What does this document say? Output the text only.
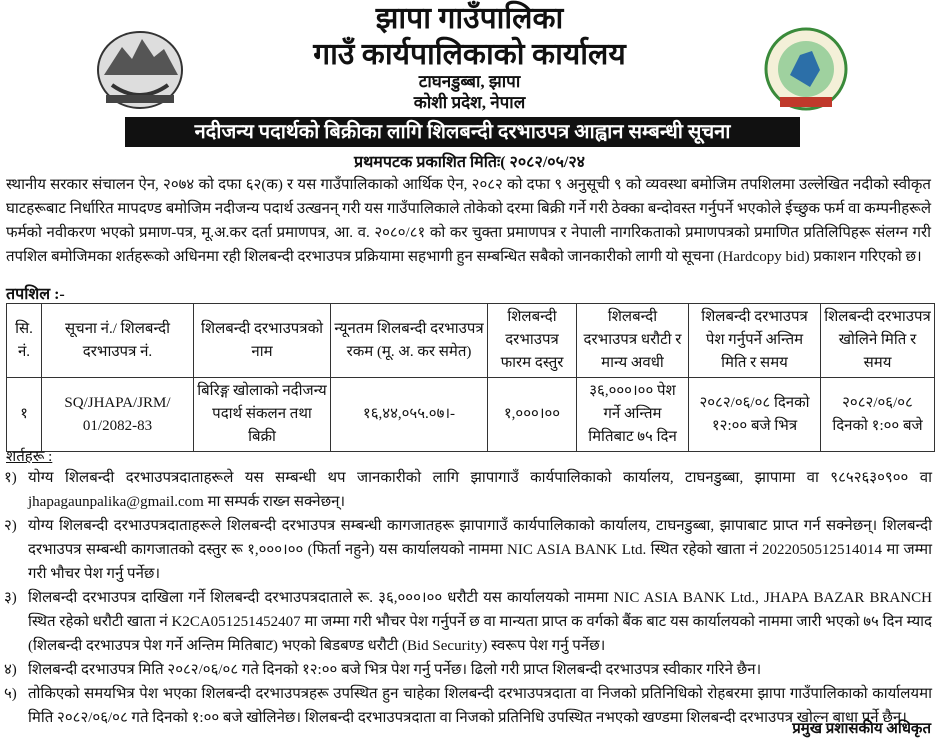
झापा गाउँपालिका
गाउँ कार्यपालिकाको कार्यालय
टाघनडुब्बा, झापा
कोशी प्रदेश, नेपाल
नदीजन्य पदार्थको बिक्रीका लागि शिलबन्दी दरभाउपत्र आह्वान सम्बन्धी सूचना
प्रथमपटक प्रकाशित मितिः( २०८२/०५/२४
स्थानीय सरकार संचालन ऐन, २०७४ को दफा ६२(क) र यस गाउँपालिकाको आर्थिक ऐन, २०८२ को दफा ९ अनुसूची ९ को व्यवस्था बमोजिम तपशिलमा उल्लेखित नदीको स्वीकृत घाटहरूबाट निर्धारित मापदण्ड बमोजिम नदीजन्य पदार्थ उत्खनन् गरी यस गाउँपालिकाले तोकेको दरमा बिक्री गर्ने गरी ठेक्का बन्दोवस्त गर्नुपर्ने भएकोले ईच्छुक फर्म वा कम्पनीहरूले फर्मको नवीकरण भएको प्रमाण-पत्र, मू.अ.कर दर्ता प्रमाणपत्र, आ. व. २०८०/८१ को कर चुक्ता प्रमाणपत्र र नेपाली नागरिकताको प्रमाणपत्रको प्रमाणित प्रतिलिपिहरू संलग्न गरी तपशिल बमोजिमका शर्तहरूको अधिनमा रही शिलबन्दी दरभाउपत्र प्रक्रियामा सहभागी हुन सम्बन्धित सबैको जानकारीको लागी यो सूचना (Hardcopy bid) प्रकाशन गरिएको छ।
तपशिल :-
सि. नं.	सूचना नं./ शिलबन्दी दरभाउपत्र नं.	शिलबन्दी दरभाउपत्रको नाम	न्यूनतम शिलबन्दी दरभाउपत्र रकम (मू. अ. कर समेत)	शिलबन्दी दरभाउपत्र फारम दस्तुर	शिलबन्दी दरभाउपत्र धरौटी र मान्य अवधी	शिलबन्दी दरभाउपत्र पेश गर्नुपर्ने अन्तिम मिति र समय	शिलबन्दी दरभाउपत्र खोलिने मिति र समय
१	SQ/JHAPA/JRM/ 01/2082-83	बिरिङ्ग खोलाको नदीजन्य पदार्थ संकलन तथा बिक्री	१६,४४,०५५.०७।-	१,०००।००	३६,०००।०० पेश गर्ने अन्तिम मितिबाट ७५ दिन	२०८२/०६/०८ दिनको १२:०० बजे भित्र	२०८२/०६/०८ दिनको १:०० बजे
शर्तहरू :
१) योग्य शिलबन्दी दरभाउपत्रदाताहरूले यस सम्बन्धी थप जानकारीको लागि झापागाउँ कार्यपालिकाको कार्यालय, टाघनडुब्बा, झापामा वा ९८५२६३०९०० वा jhapagaunpalika@gmail.com मा सम्पर्क राख्न सक्नेछन्।
२) योग्य शिलबन्दी दरभाउपत्रदाताहरूले शिलबन्दी दरभाउपत्र सम्बन्धी कागजातहरू झापागाउँ कार्यपालिकाको कार्यालय, टाघनडुब्बा, झापाबाट प्राप्त गर्न सक्नेछन्। शिलबन्दी दरभाउपत्र सम्बन्धी कागजातको दस्तुर रू १,०००।०० (फिर्ता नहुने) यस कार्यालयको नाममा NIC ASIA BANK Ltd. स्थित रहेको खाता नं 2022050512514014 मा जम्मा गरी भौचर पेश गर्नु पर्नेछ।
३) शिलबन्दी दरभाउपत्र दाखिला गर्ने शिलबन्दी दरभाउपत्रदाताले रू. ३६,०००।०० धरौटी यस कार्यालयको नाममा NIC ASIA BANK Ltd., JHAPA BAZAR BRANCH स्थित रहेको धरौटी खाता नं K2CA051251452407 मा जम्मा गरी भौचर पेश गर्नुपर्ने छ वा मान्यता प्राप्त क वर्गको बैंक बाट यस कार्यालयको नाममा जारी भएको ७५ दिन म्याद (शिलबन्दी दरभाउपत्र पेश गर्ने अन्तिम मितिबाट) भएको बिडबण्ड धरौटी (Bid Security) स्वरूप पेश गर्नु पर्नेछ।
४) शिलबन्दी दरभाउपत्र मिति २०८२/०६/०८ गते दिनको १२:०० बजे भित्र पेश गर्नु पर्नेछ। ढिलो गरी प्राप्त शिलबन्दी दरभाउपत्र स्वीकार गरिने छैन।
५) तोकिएको समयभित्र पेश भएका शिलबन्दी दरभाउपत्रहरू उपस्थित हुन चाहेका शिलबन्दी दरभाउपत्रदाता वा निजको प्रतिनिधिको रोहबरमा झापा गाउँपालिकाको कार्यालयमा मिति २०८२/०६/०८ गते दिनको १:०० बजे खोलिनेछ। शिलबन्दी दरभाउपत्रदाता वा निजको प्रतिनिधि उपस्थित नभएको खण्डमा शिलबन्दी दरभाउपत्र खोल्न बाधा पर्ने छैन।
प्रमुख प्रशासकीय अधिकृत
